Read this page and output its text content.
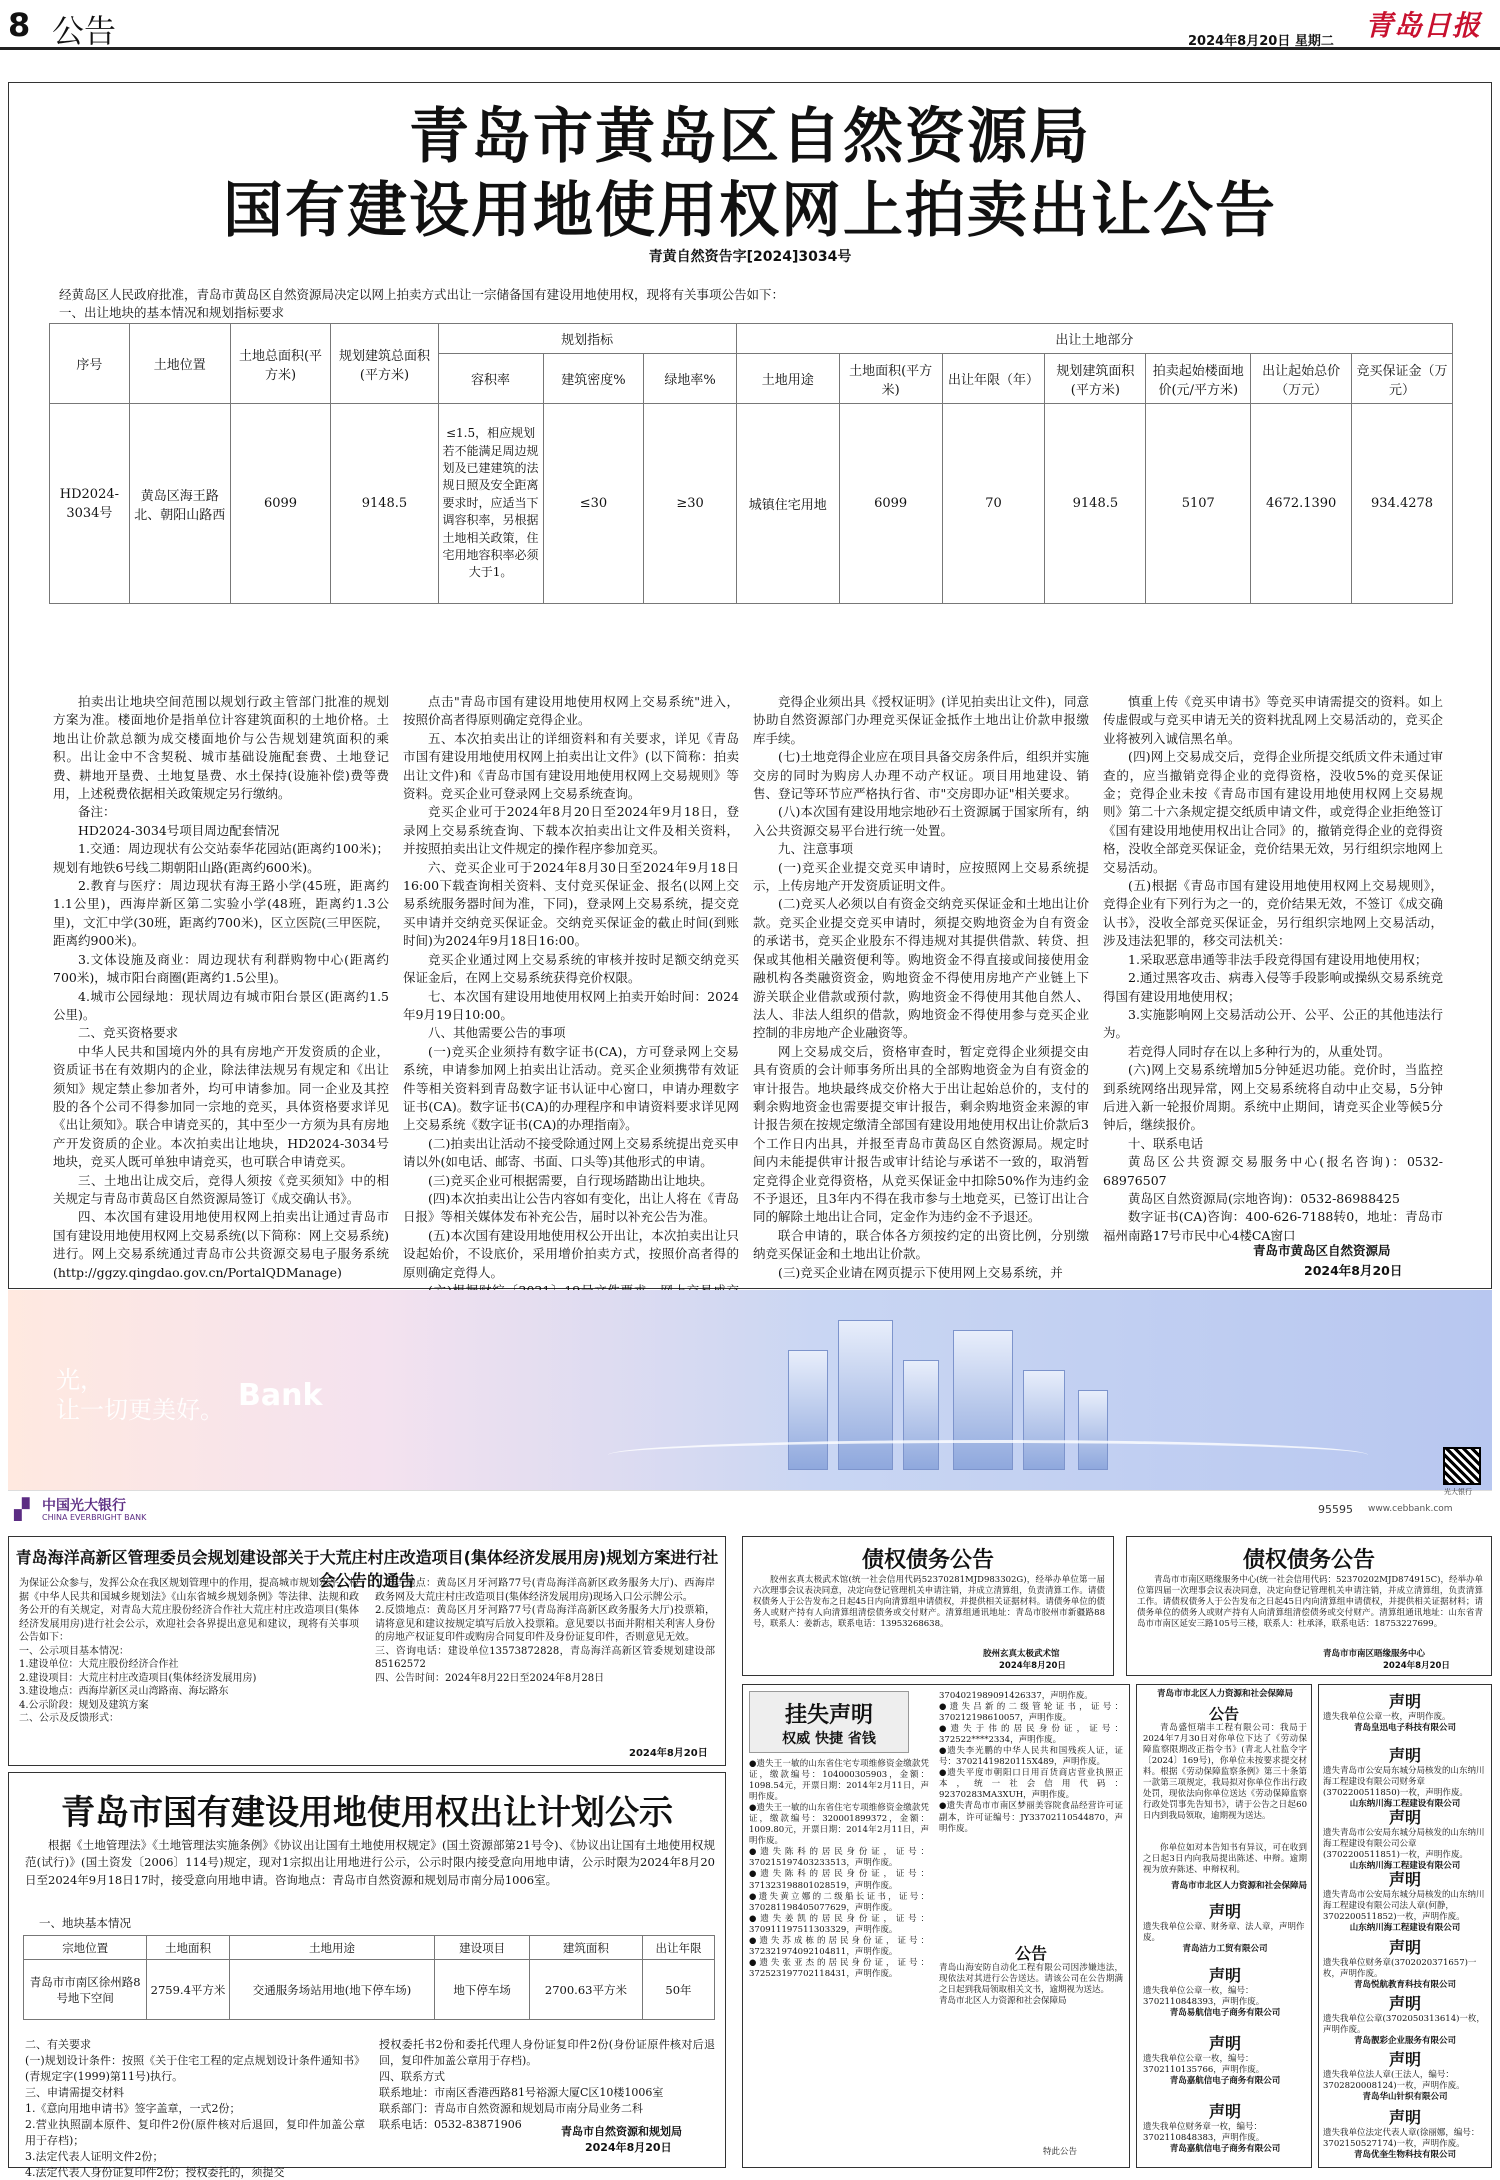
8 公告	2024年8月20日 星期二 青岛日报
青岛市黄岛区自然资源局
国有建设用地使用权网上拍卖出让公告
青黄自然资告字[2024]3034号
经黄岛区人民政府批准，青岛市黄岛区自然资源局决定以网上拍卖方式出让一宗储备国有建设用地使用权，现将有关事项公告如下：
一、出让地块的基本情况和规划指标要求
序号	土地位置	土地总面积(平方米)	规划建筑总面积(平方米)	规划指标			出让土地部分						
				容积率	建筑密度%	绿地率%	土地用途	土地面积(平方米)	出让年限（年）	规划建筑面积(平方米)	拍卖起始楼面地价(元/平方米)	出让起始总价（万元）	竞买保证金（万元）
HD2024-3034号	黄岛区海王路北、朝阳山路西	6099	9148.5	≤1.5，相应规划若不能满足周边规划及已建建筑的法规日照及安全距离要求时，应适当下调容积率，另根据土地相关政策，住宅用地容积率必须大于1。	≤30	≥30	城镇住宅用地	6099	70	9148.5	5107	4672.1390	934.4278

拍卖出让地块空间范围以规划行政主管部门批准的规划方案为准。楼面地价是指单位计容建筑面积的土地价格。土地出让价款总额为成交楼面地价与公告规划建筑面积的乘积。出让金中不含契税、城市基础设施配套费、土地登记费、耕地开垦费、土地复垦费、水土保持(设施补偿)费等费用，上述税费依据相关政策规定另行缴纳。

备注：

HD2024-3034号项目周边配套情况

1.交通：周边现状有公交站泰华花园站(距离约100米)；规划有地铁6号线二期朝阳山路(距离约600米)。

2.教育与医疗：周边现状有海王路小学(45班，距离约1.1公里)，西海岸新区第二实验小学(48班，距离约1.3公里)，文汇中学(30班，距离约700米)，区立医院(三甲医院，距离约900米)。

3.文体设施及商业：周边现状有利群购物中心(距离约700米)，城市阳台商圈(距离约1.5公里)。

4.城市公园绿地：现状周边有城市阳台景区(距离约1.5公里)。

二、竞买资格要求

中华人民共和国境内外的具有房地产开发资质的企业，资质证书在有效期内的企业，除法律法规另有规定和《出让须知》规定禁止参加者外，均可申请参加。同一企业及其控股的各个公司不得参加同一宗地的竞买，具体资格要求详见《出让须知》。联合申请竞买的，其中至少一方须为具有房地产开发资质的企业。本次拍卖出让地块，HD2024-3034号地块，竞买人既可单独申请竞买，也可联合申请竞买。

三、土地出让成交后，竞得人须按《竞买须知》中的相关规定与青岛市黄岛区自然资源局签订《成交确认书》。

四、本次国有建设用地使用权网上拍卖出让通过青岛市国有建设用地使用权网上交易系统(以下简称：网上交易系统)进行。网上交易系统通过青岛市公共资源交易电子服务系统(http://ggzy.qingdao.gov.cn/PortalQDManage)

点击"青岛市国有建设用地使用权网上交易系统"进入，按照价高者得原则确定竞得企业。

五、本次拍卖出让的详细资料和有关要求，详见《青岛市国有建设用地使用权网上拍卖出让文件》(以下简称：拍卖出让文件)和《青岛市国有建设用地使用权网上交易规则》等资料。竞买企业可登录网上交易系统查询。

竞买企业可于2024年8月20日至2024年9月18日，登录网上交易系统查询、下载本次拍卖出让文件及相关资料，并按照拍卖出让文件规定的操作程序参加竞买。

六、竞买企业可于2024年8月30日至2024年9月18日16:00下载查询相关资料、支付竞买保证金、报名(以网上交易系统服务器时间为准，下同)，登录网上交易系统，提交竞买申请并交纳竞买保证金。交纳竞买保证金的截止时间(到账时间)为2024年9月18日16:00。

竞买企业通过网上交易系统的审核并按时足额交纳竞买保证金后，在网上交易系统获得竞价权限。

七、本次国有建设用地使用权网上拍卖开始时间：2024年9月19日10:00。

八、其他需要公告的事项

(一)竞买企业须持有数字证书(CA)，方可登录网上交易系统，申请参加网上拍卖出让活动。竞买企业须携带有效证件等相关资料到青岛数字证书认证中心窗口，申请办理数字证书(CA)。数字证书(CA)的办理程序和申请资料要求详见网上交易系统《数字证书(CA)的办理指南》。

(二)拍卖出让活动不接受除通过网上交易系统提出竞买申请以外(如电话、邮寄、书面、口头等)其他形式的申请。

(三)竞买企业可根据需要，自行现场踏勘出让地块。

(四)本次拍卖出让公告内容如有变化，出让人将在《青岛日报》等相关媒体发布补充公告，届时以补充公告为准。

(五)本次国有建设用地使用权公开出让，本次拍卖出让只设起始价，不设底价，采用增价拍卖方式，按照价高者得的原则确定竞得人。

竞得企业须出具《授权证明》(详见拍卖出让文件)，同意协助自然资源部门办理竞买保证金抵作土地出让价款申报缴库手续。

(七)土地竞得企业应在项目具备交房条件后，组织并实施交房的同时为购房人办理不动产权证。项目用地建设、销售、登记等环节应严格执行省、市"交房即办证"相关要求。

(八)本次国有建设用地宗地砂石土资源属于国家所有，纳入公共资源交易平台进行统一处置。

九、注意事项

(一)竞买企业提交竞买申请时，应按照网上交易系统提示，上传房地产开发资质证明文件。

(二)竞买人必须以自有资金交纳竞买保证金和土地出让价款。竞买企业提交竞买申请时，须提交购地资金为自有资金的承诺书，竞买企业股东不得违规对其提供借款、转贷、担保或其他相关融资便利等。购地资金不得直接或间接使用金融机构各类融资资金，购地资金不得使用房地产产业链上下游关联企业借款或预付款，购地资金不得使用其他自然人、法人、非法人组织的借款，购地资金不得使用参与竞买企业控制的非房地产企业融资等。

网上交易成交后，资格审查时，暂定竞得企业须提交由具有资质的会计师事务所出具的全部购地资金为自有资金的审计报告。地块最终成交价格大于出让起始总价的，支付的剩余购地资金也需要提交审计报告，剩余购地资金来源的审计报告须在按规定缴清全部国有建设用地使用权出让价款后3个工作日内出具，并报至青岛市黄岛区自然资源局。规定时间内未能提供审计报告或审计结论与承诺不一致的，取消暂定竞得企业竞得资格，从竞买保证金中扣除50%作为违约金不予退还，且3年内不得在我市参与土地竞买，已签订出让合同的解除土地出让合同，定金作为违约金不予退还。

联合申请的，联合体各方须按约定的出资比例，分别缴纳竞买保证金和土地出让价款。

(三)竞买企业请在网页提示下使用网上交易系统，并

慎重上传《竞买申请书》等竞买申请需提交的资料。如上传虚假或与竞买申请无关的资料扰乱网上交易活动的，竞买企业将被列入诚信黑名单。

(四)网上交易成交后，竞得企业所提交纸质文件未通过审查的，应当撤销竞得企业的竞得资格，没收5%的竞买保证金；竞得企业未按《青岛市国有建设用地使用权网上交易规则》第二十六条规定提交纸质申请文件，或竞得企业拒绝签订《国有建设用地使用权出让合同》的，撤销竞得企业的竞得资格，没收全部竞买保证金，竞价结果无效，另行组织宗地网上交易活动。

(五)根据《青岛市国有建设用地使用权网上交易规则》，竞得企业有下列行为之一的，竞价结果无效，不签订《成交确认书》，没收全部竞买保证金，另行组织宗地网上交易活动，涉及违法犯罪的，移交司法机关：

1.采取恶意串通等非法手段竞得国有建设用地使用权；

2.通过黑客攻击、病毒入侵等手段影响或操纵交易系统竞得国有建设用地使用权；

3.实施影响网上交易活动公开、公平、公正的其他违法行为。

若竞得人同时存在以上多种行为的，从重处罚。

(六)网上交易系统增加5分钟延迟功能。竞价时，当监控到系统网络出现异常，网上交易系统将自动中止交易，5分钟后进入新一轮报价周期。系统中止期间，请竞买企业等候5分钟后，继续报价。

十、联系电话

黄岛区公共资源交易服务中心(报名咨询)：0532-68976507

黄岛区自然资源局(宗地咨询)：0532-86988425

数字证书(CA)咨询：400-626-7188转0，地址：青岛市福州南路17号市民中心4楼CA窗口

青岛市黄岛区自然资源局
2024年8月20日
光，
让一切更美好。 Bank
▞ 中国光大银行
CHINA EVERBRIGHT BANK
95595 www.cebbank.com
光大银行
青岛海洋高新区管理委员会规划建设部关于大荒庄村庄改造项目(集体经济发展用房)规划方案进行社会公告的通告
为保证公众参与，发挥公众在我区规划管理中的作用，提高城市规划水平，根据《中华人民共和国城乡规划法》《山东省城乡规划条例》等法律、法规和政务公开的有关规定，对青岛大荒庄股份经济合作社大荒庄村庄改造项目(集体经济发展用房)进行社会公示，欢迎社会各界提出意见和建议，现将有关事项公告如下：
一、公示项目基本情况：
1.建设单位：大荒庄股份经济合作社
2.建设项目：大荒庄村庄改造项目(集体经济发展用房)
3.建设地点：西海岸新区灵山湾路南、海坛路东
4.公示阶段：规划及建筑方案
二、公示及反馈形式：
1.公告地点：黄岛区月牙河路77号(青岛海洋高新区政务服务大厅)、西海岸政务网及大荒庄村庄改造项目(集体经济发展用房)现场入口公示牌公示。
2.反馈地点：黄岛区月牙河路77号(青岛海洋高新区政务服务大厅)投票箱，请将意见和建议按规定填写后放入投票箱。意见要以书面并附相关利害人身份的房地产权证复印件或购房合同复印件及身份证复印件，否则意见无效。
三、咨询电话：建设单位13573872828，青岛海洋高新区管委规划建设部85162572
四、公告时间：2024年8月22日至2024年8月28日
2024年8月20日
青岛市国有建设用地使用权出让计划公示
根据《土地管理法》《土地管理法实施条例》《协议出让国有土地使用权规定》(国土资源部第21号令)、《协议出让国有土地使用权规范(试行)》(国土资发〔2006〕114号)规定，现对1宗拟出让用地进行公示，公示时限内接受意向用地申请，公示时限为2024年8月20日至2024年9月18日17时，接受意向用地申请。咨询地点：青岛市自然资源和规划局市南分局1006室。
一、地块基本情况
宗地位置	土地面积	土地用途	建设项目	建筑面积	出让年限
青岛市市南区徐州路8号地下空间	2759.4平方米	交通服务场站用地(地下停车场)	地下停车场	2700.63平方米	50年
二、有关要求
(一)规划设计条件：按照《关于住宅工程的定点规划设计条件通知书》(青规定字(1999)第11号)执行。
三、申请需提交材料
1.《意向用地申请书》签字盖章，一式2份；
2.营业执照副本原件、复印件2份(原件核对后退回，复印件加盖公章用于存档)；
3.法定代表人证明文件2份；
4.法定代表人身份证复印件2份；授权委托的，须提交
授权委托书2份和委托代理人身份证复印件2份(身份证原件核对后退回，复印件加盖公章用于存档)。
四、联系方式
联系地址：市南区香港西路81号裕源大厦C区10楼1006室
联系部门：青岛市自然资源和规划局市南分局业务二科
联系电话：0532-83871906
青岛市自然资源和规划局
2024年8月20日
债权债务公告
胶州玄真太极武术馆(统一社会信用代码52370281MJD983302G)，经举办单位第一届六次理事会议表决同意，决定向登记管理机关申请注销，并成立清算组，负责清算工作。请债权债务人于公告发布之日起45日内向清算组申请债权，并提供相关证据材料。请债务单位的债务人或财产持有人向清算组清偿债务或交付财产。清算组通讯地址：青岛市胶州市新疆路88号，联系人：姜新志，联系电话：13953268638。
胶州玄真太极武术馆
2024年8月20日
债权债务公告
青岛市市南区晤缘服务中心(统一社会信用代码：52370202MJD874915C)，经举办单位第四届一次理事会议表决同意，决定向登记管理机关申请注销，并成立清算组，负责清算工作。请债权债务人于公告发布之日起45日内向清算组申请债权，并提供相关证据材料；请债务单位的债务人或财产持有人向清算组清偿债务或交付财产。清算组通讯地址：山东省青岛市市南区延安三路105号三楼，联系人：杜承泽，联系电话：18753227699。
青岛市市南区晤缘服务中心
2024年8月20日
挂失声明
权威 快捷 省钱
●遗失王一敏的山东省住宅专项维修资金缴款凭证，缴款编号：104000305903，金额：1098.54元，开票日期：2014年2月11日，声明作废。
●遗失王一敏的山东省住宅专项维修资金缴款凭证，缴款编号：320001899372，金额：1009.80元，开票日期：2014年2月11日，声明作废。
●遗失陈科的居民身份证，证号：370215197403233513，声明作废。
●遗失陈科的居民身份证，证号：371323198801028519，声明作废。
●遗失黄立娜的二级船长证书，证号：370281198405077629，声明作废。
●遗失姜凯的居民身份证，证号：370911197511303329，声明作废。
●遗失苏成栋的居民身份证，证号：372321974092104811，声明作废。
●遗失张亚杰的居民身份证，证号：372523197702118431，声明作废。
3704021989091426337，声明作废。
●遗失吕新的二级管轮证书，证号：370212198610057，声明作废。
●遗失于伟的居民身份证，证号：372522****2334，声明作废。
●遗失李光鹏的中华人民共和国残疾人证，证号：37021419820115X489，声明作废。
●遗失平度市朝阳口日用百货商店营业执照正本，统一社会信用代码：92370283MA3XUH，声明作废。
●遗失青岛市市南区梦丽美容院食品经营许可证副本，许可证编号：JY33702110544870，声明作废。
公告
青岛山海安防自动化工程有限公司因涉嫌违法，现依法对其进行公告送达。请该公司在公告期满之日起到我局领取相关文书，逾期视为送达。
青岛市北区人力资源和社会保障局
特此公告
青岛市市北区人力资源和社会保障局
公告
青岛盛恒瑞丰工程有限公司：我局于2024年7月30日对你单位下达了《劳动保障监察限期改正指令书》(青北人社监令字〔2024〕169号)，你单位未按要求提交材料。根据《劳动保障监察条例》第三十条第一款第三项规定，我局拟对你单位作出行政处罚，现依法向你单位送达《劳动保障监察行政处罚事先告知书》，请于公告之日起60日内到我局领取，逾期视为送达。
你单位如对本告知书有异议，可在收到之日起3日内向我局提出陈述、申辩。逾期视为放弃陈述、申辩权利。
青岛市市北区人力资源和社会保障局
声明
遗失我单位公章、财务章、法人章，声明作废。
青岛洁力工贸有限公司
声明
遗失我单位公章一枚，编号：3702110848393，声明作废。
青岛易航信电子商务有限公司
声明
遗失我单位公章一枚，编号：3702110135766，声明作废。
青岛嘉航信电子商务有限公司
声明
遗失我单位财务章一枚，编号：3702110848383，声明作废。
青岛嘉航信电子商务有限公司
声明
遗失我单位公章一枚，声明作废。
青岛皇迅电子科技有限公司
声明
遗失青岛市公安局东城分局核发的山东纳川海工程建设有限公司财务章(3702200511850)一枚，声明作废。
山东纳川海工程建设有限公司
声明
遗失青岛市公安局东城分局核发的山东纳川海工程建设有限公司公章(3702200511851)一枚，声明作废。
山东纳川海工程建设有限公司
声明
遗失青岛市公安局东城分局核发的山东纳川海工程建设有限公司法人章(何静，3702200511852)一枚，声明作废。
山东纳川海工程建设有限公司
声明
遗失我单位财务章(3702020371657)一枚，声明作废。
青岛悦航教育科技有限公司
声明
遗失我单位公章(3702050313614)一枚，声明作废。
青岛靓彩企业服务有限公司
声明
遗失我单位法人章(王法人，编号：3702820008124)一枚，声明作废。
青岛华山针织有限公司
声明
遗失我单位法定代表人章(徐丽娜，编号：3702150527174)一枚，声明作废。
青岛优奎生物科技有限公司
